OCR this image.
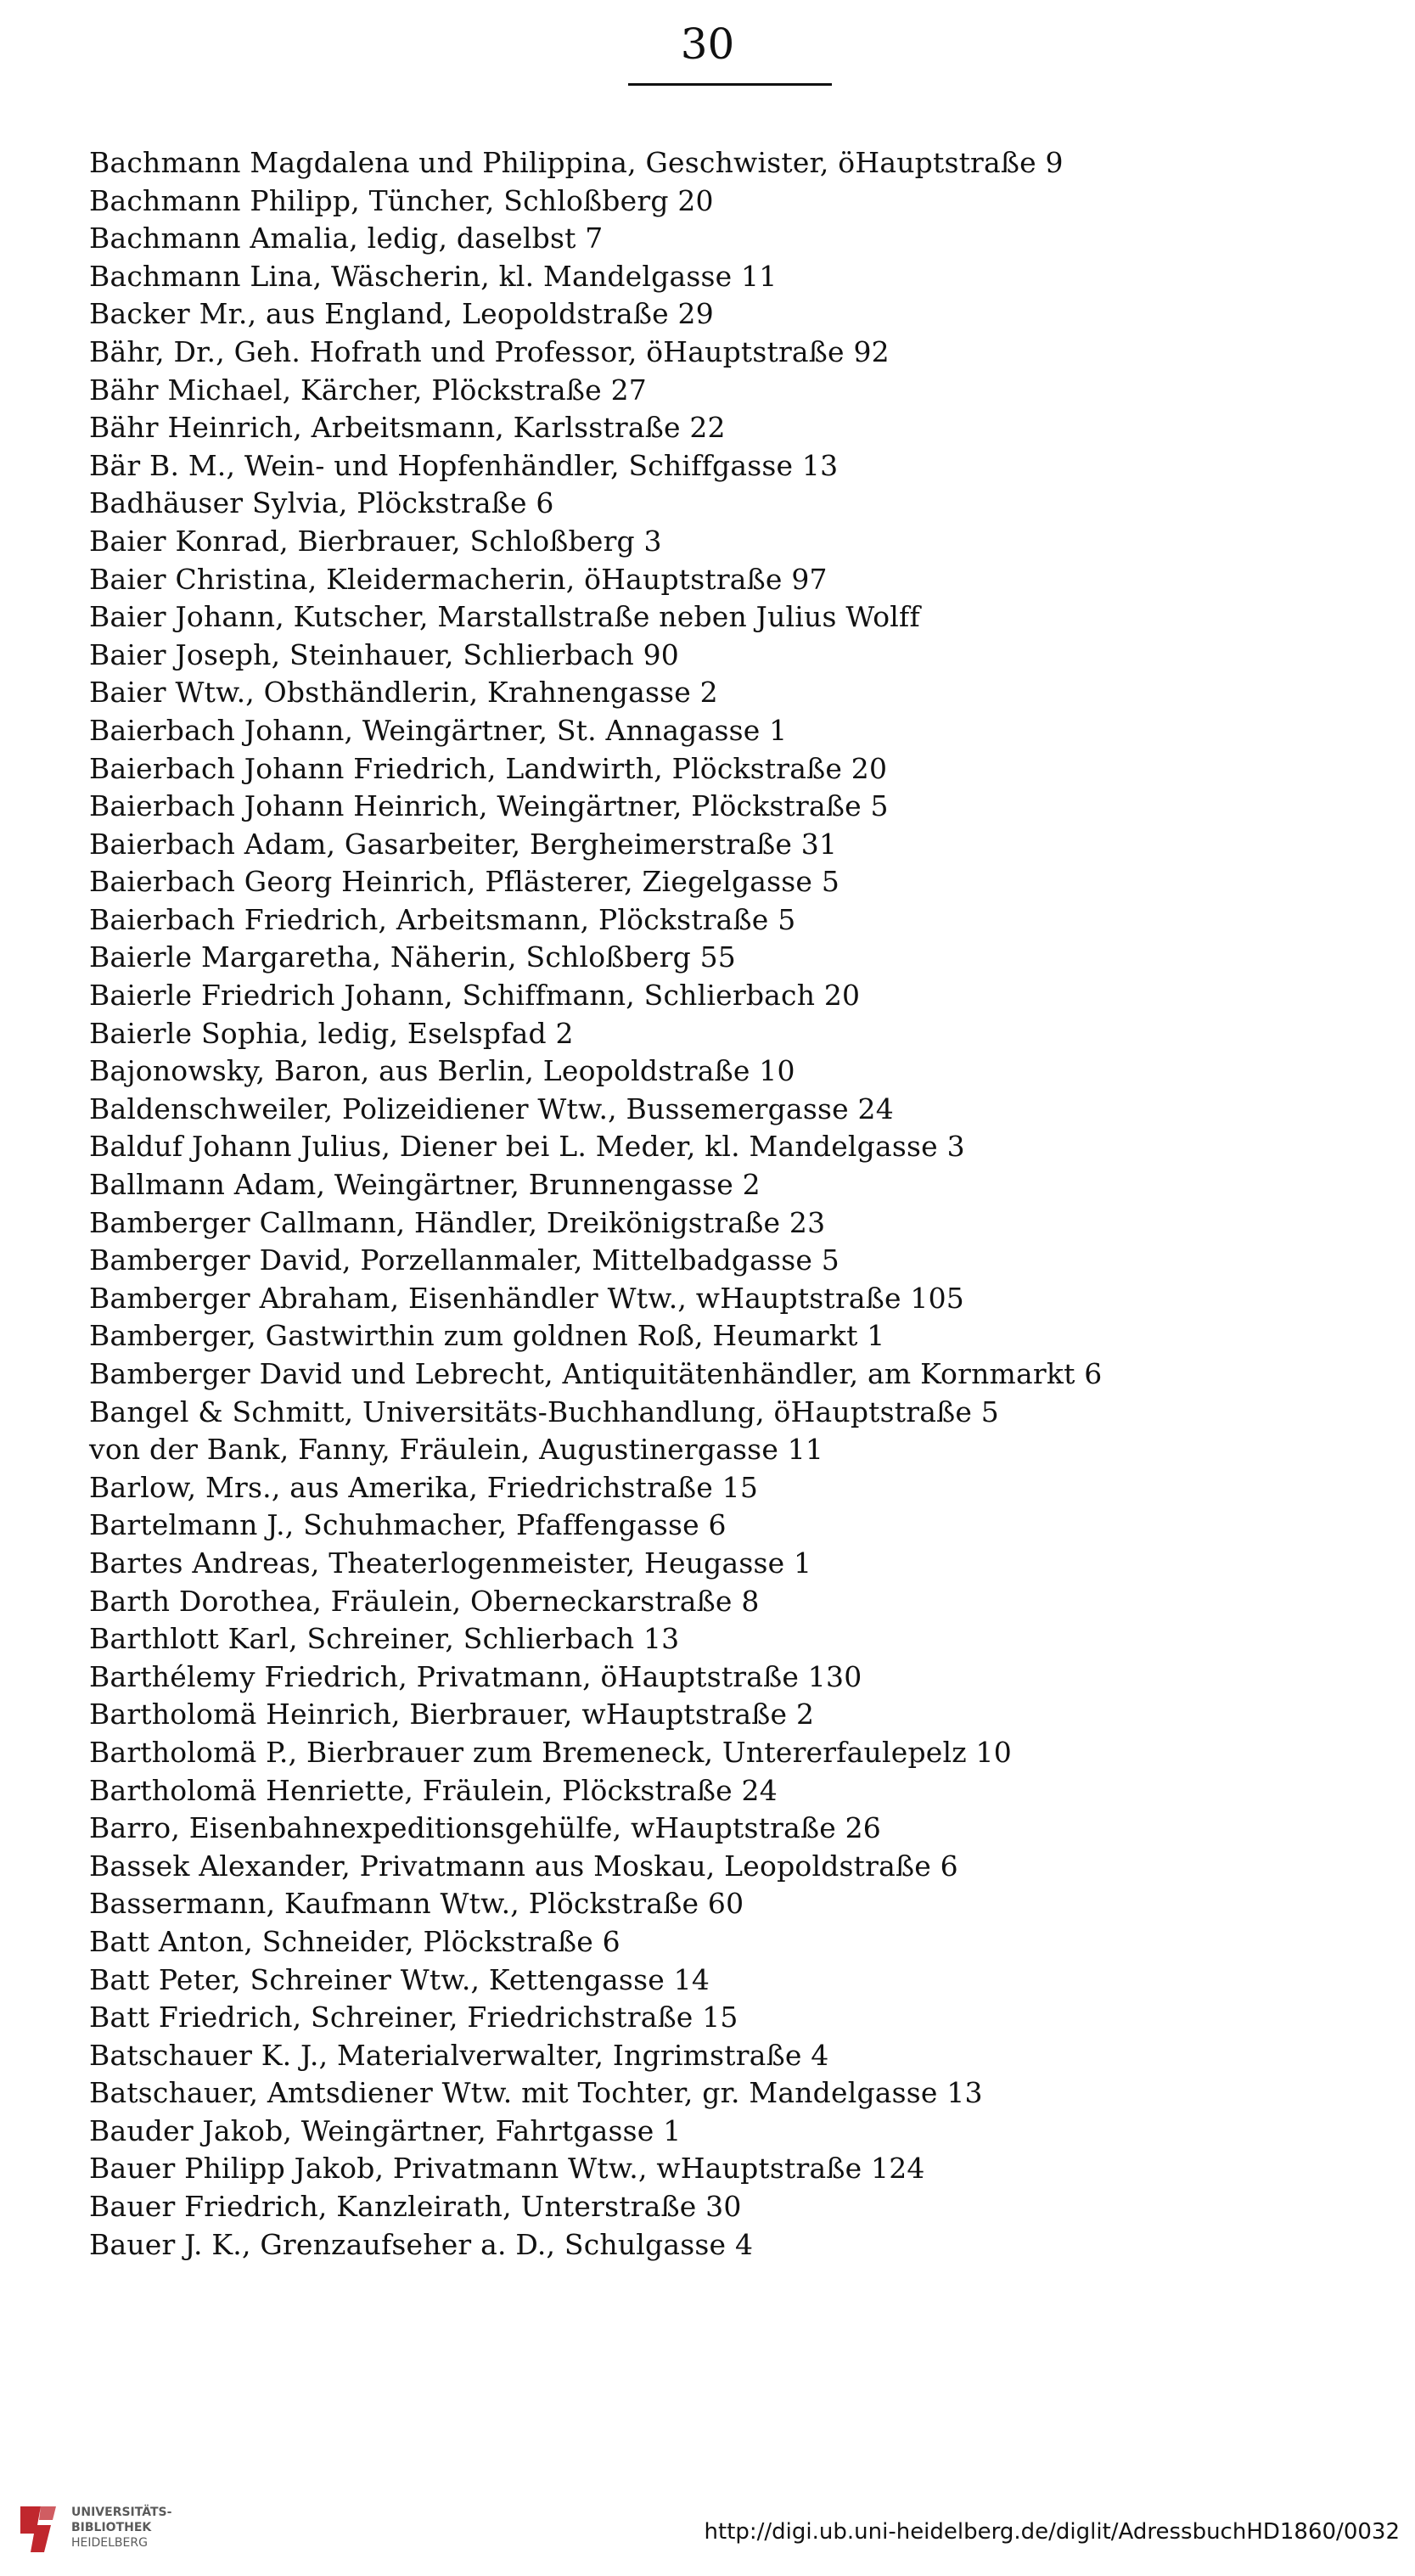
30
Bachmann Magdalena und Philippina, Geschwister, öHauptstraße 9
Bachmann Philipp, Tüncher, Schloßberg 20
Bachmann Amalia, ledig, daselbst 7
Bachmann Lina, Wäscherin, kl. Mandelgasse 11
Backer Mr., aus England, Leopoldstraße 29
Bähr, Dr., Geh. Hofrath und Professor, öHauptstraße 92
Bähr Michael, Kärcher, Plöckstraße 27
Bähr Heinrich, Arbeitsmann, Karlsstraße 22
Bär B. M., Wein- und Hopfenhändler, Schiffgasse 13
Badhäuser Sylvia, Plöckstraße 6
Baier Konrad, Bierbrauer, Schloßberg 3
Baier Christina, Kleidermacherin, öHauptstraße 97
Baier Johann, Kutscher, Marstallstraße neben Julius Wolff
Baier Joseph, Steinhauer, Schlierbach 90
Baier Wtw., Obsthändlerin, Krahnengasse 2
Baierbach Johann, Weingärtner, St. Annagasse 1
Baierbach Johann Friedrich, Landwirth, Plöckstraße 20
Baierbach Johann Heinrich, Weingärtner, Plöckstraße 5
Baierbach Adam, Gasarbeiter, Bergheimerstraße 31
Baierbach Georg Heinrich, Pflästerer, Ziegelgasse 5
Baierbach Friedrich, Arbeitsmann, Plöckstraße 5
Baierle Margaretha, Näherin, Schloßberg 55
Baierle Friedrich Johann, Schiffmann, Schlierbach 20
Baierle Sophia, ledig, Eselspfad 2
Bajonowsky, Baron, aus Berlin, Leopoldstraße 10
Baldenschweiler, Polizeidiener Wtw., Bussemergasse 24
Balduf Johann Julius, Diener bei L. Meder, kl. Mandelgasse 3
Ballmann Adam, Weingärtner, Brunnengasse 2
Bamberger Callmann, Händler, Dreikönigstraße 23
Bamberger David, Porzellanmaler, Mittelbadgasse 5
Bamberger Abraham, Eisenhändler Wtw., wHauptstraße 105
Bamberger, Gastwirthin zum goldnen Roß, Heumarkt 1
Bamberger David und Lebrecht, Antiquitätenhändler, am Kornmarkt 6
Bangel & Schmitt, Universitäts-Buchhandlung, öHauptstraße 5
von der Bank, Fanny, Fräulein, Augustinergasse 11
Barlow, Mrs., aus Amerika, Friedrichstraße 15
Bartelmann J., Schuhmacher, Pfaffengasse 6
Bartes Andreas, Theaterlogenmeister, Heugasse 1
Barth Dorothea, Fräulein, Oberneckarstraße 8
Barthlott Karl, Schreiner, Schlierbach 13
Barthélemy Friedrich, Privatmann, öHauptstraße 130
Bartholomä Heinrich, Bierbrauer, wHauptstraße 2
Bartholomä P., Bierbrauer zum Bremeneck, Untererfaulepelz 10
Bartholomä Henriette, Fräulein, Plöckstraße 24
Barro, Eisenbahnexpeditionsgehülfe, wHauptstraße 26
Bassek Alexander, Privatmann aus Moskau, Leopoldstraße 6
Bassermann, Kaufmann Wtw., Plöckstraße 60
Batt Anton, Schneider, Plöckstraße 6
Batt Peter, Schreiner Wtw., Kettengasse 14
Batt Friedrich, Schreiner, Friedrichstraße 15
Batschauer K. J., Materialverwalter, Ingrimstraße 4
Batschauer, Amtsdiener Wtw. mit Tochter, gr. Mandelgasse 13
Bauder Jakob, Weingärtner, Fahrtgasse 1
Bauer Philipp Jakob, Privatmann Wtw., wHauptstraße 124
Bauer Friedrich, Kanzleirath, Unterstraße 30
Bauer J. K., Grenzaufseher a. D., Schulgasse 4
UNIVERSITÄTS-
BIBLIOTHEK
HEIDELBERG	http://digi.ub.uni-heidelberg.de/diglit/AdressbuchHD1860/0032
